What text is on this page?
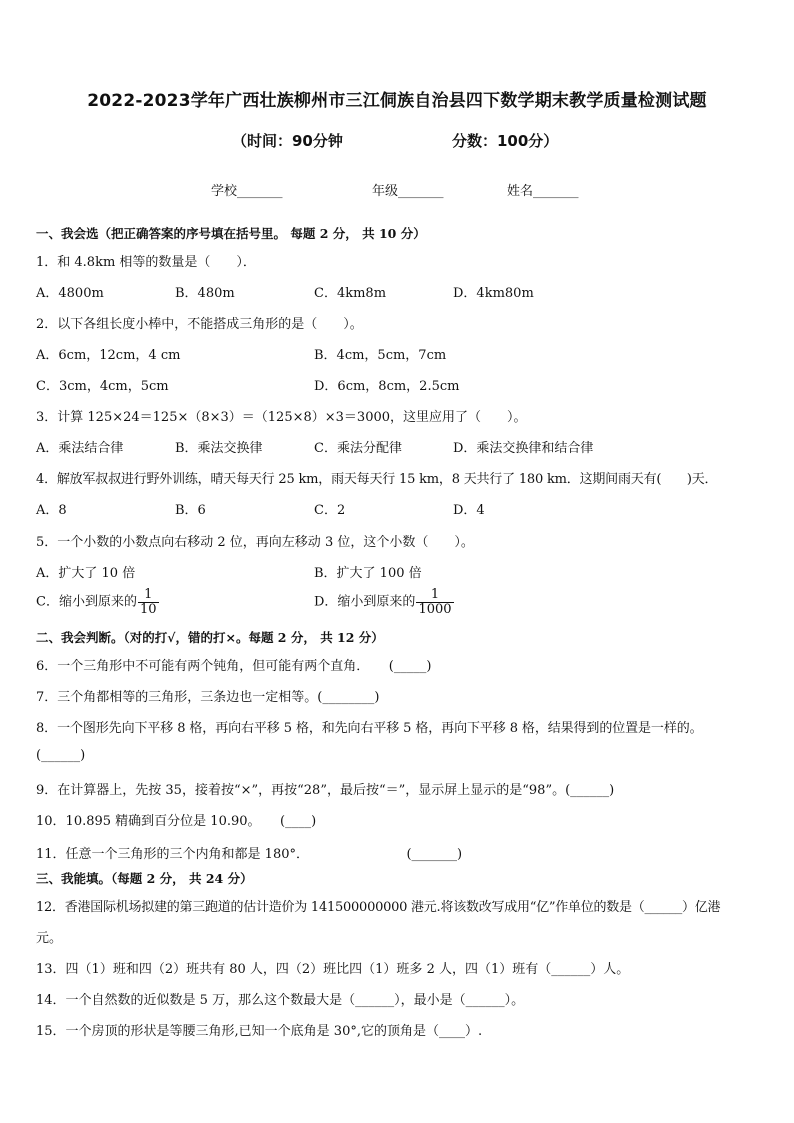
2022-2023学年广西壮族柳州市三江侗族自治县四下数学期末教学质量检测试题
（时间：90分钟	分数：100分）
学校_______	年级_______	姓名_______
一、我会选（把正确答案的序号填在括号里。 每题 2 分， 共 10 分）
1．和 4.8km 相等的数量是（　　）．
A．4800m	B．480m	C．4km8m	D．4km80m
2．以下各组长度小棒中，不能搭成三角形的是（　　）。
A．6cm，12cm，4 cm	B．4cm，5cm，7cm
C．3cm，4cm，5cm	D．6cm，8cm，2.5cm
3．计算 125×24＝125×（8×3）＝（125×8）×3＝3000，这里应用了（　　）。
A．乘法结合律	B．乘法交换律	C．乘法分配律	D．乘法交换律和结合律
4．解放军叔叔进行野外训练，晴天每天行 25 km，雨天每天行 15 km，8 天共行了 180 km．这期间雨天有(　　)天．
A．8	B．6	C．2	D．4
5．一个小数的小数点向右移动 2 位，再向左移动 3 位，这个小数（　　）。
A．扩大了 10 倍	B．扩大了 100 倍
C．缩小到原来的 $\frac{1}{10}$	D．缩小到原来的 $\frac{1}{1000}$
二、我会判断。（对的打√，错的打×。每题 2 分， 共 12 分）
6．一个三角形中不可能有两个钝角，但可能有两个直角．　　(_____)
7．三个角都相等的三角形，三条边也一定相等。(________)
8．一个图形先向下平移 8 格，再向右平移 5 格，和先向右平移 5 格，再向下平移 8 格，结果得到的位置是一样的。
(______)
9．在计算器上，先按 35，接着按“×”，再按“28”，最后按“＝”，显示屏上显示的是“98”。(______)
10．10.895 精确到百分位是 10.90。　　(____)
11．任意一个三角形的三个内角和都是 180°．　　　　　　　　(_______)
三、我能填。（每题 2 分， 共 24 分）
12．香港国际机场拟建的第三跑道的估计造价为 141500000000 港元.将该数改写成用“亿”作单位的数是（______）亿港
元。
13．四（1）班和四（2）班共有 80 人，四（2）班比四（1）班多 2 人，四（1）班有（______）人。
14．一个自然数的近似数是 5 万，那么这个数最大是（______），最小是（______）。
15．一个房顶的形状是等腰三角形,已知一个底角是 30°,它的顶角是（____）.
